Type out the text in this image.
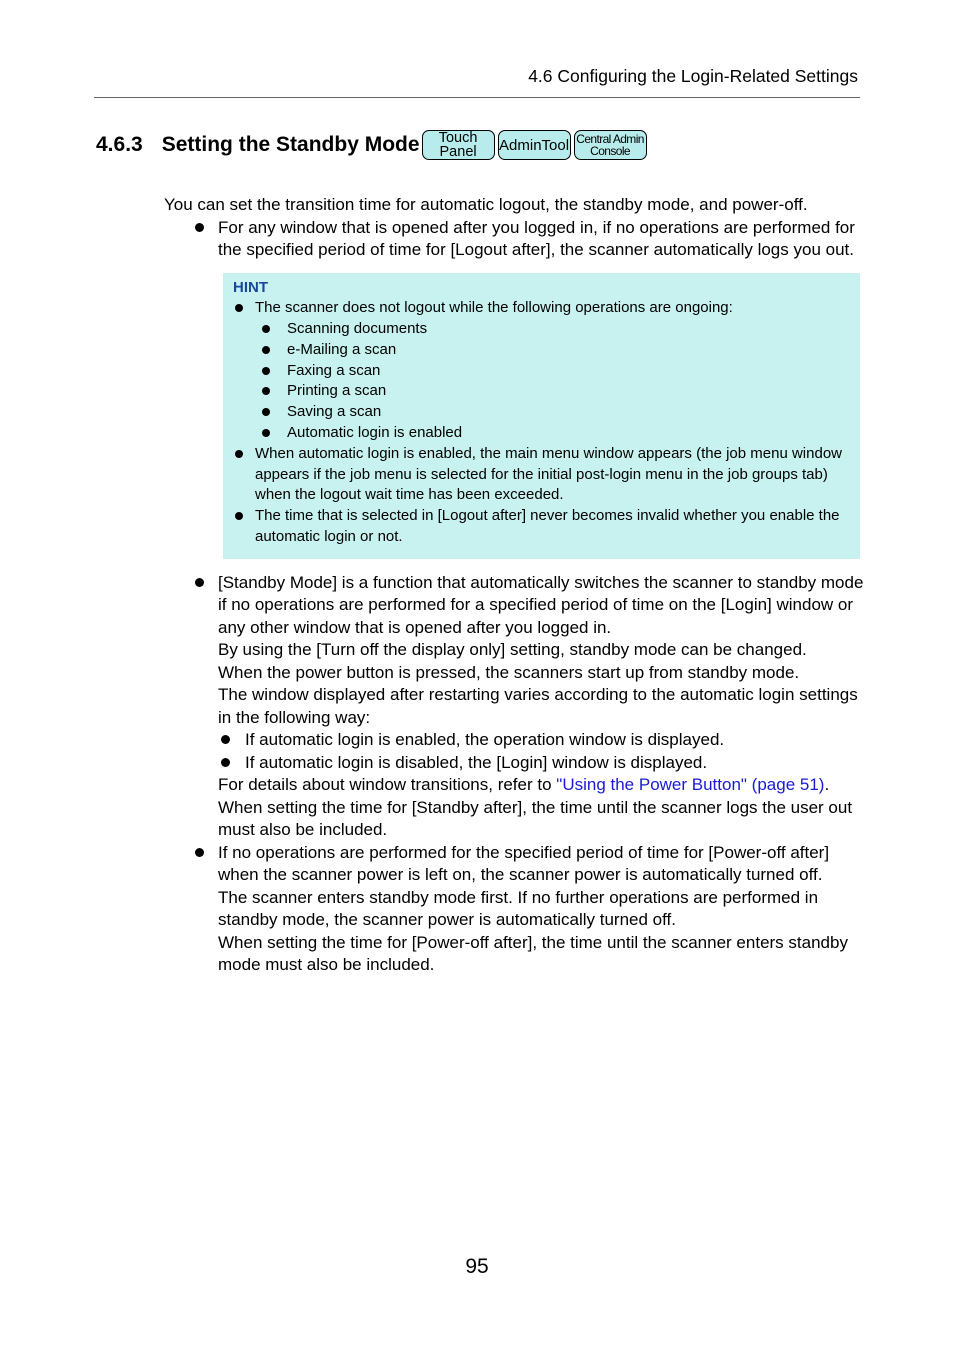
4.6 Configuring the Login-Related Settings
4.6.3 Setting the Standby Mode Touch
Panel AdminTool Central Admin
Console

You can set the transition time for automatic logout, the standby mode, and power-off.

For any window that is opened after you logged in, if no operations are performed for the specified period of time for [Logout after], the scanner automatically logs you out.
HINT
The scanner does not logout while the following operations are ongoing:
Scanning documents
e-Mailing a scan
Faxing a scan
Printing a scan
Saving a scan
Automatic login is enabled
When automatic login is enabled, the main menu window appears (the job menu window appears if the job menu is selected for the initial post-login menu in the job groups tab) when the logout wait time has been exceeded.
The time that is selected in [Logout after] never becomes invalid whether you enable the automatic login or not.
[Standby Mode] is a function that automatically switches the scanner to standby mode if no operations are performed for a specified period of time on the [Login] window or any other window that is opened after you logged in.
By using the [Turn off the display only] setting, standby mode can be changed.
When the power button is pressed, the scanners start up from standby mode.
The window displayed after restarting varies according to the automatic login settings in the following way:
If automatic login is enabled, the operation window is displayed.
If automatic login is disabled, the [Login] window is displayed.
For details about window transitions, refer to "Using the Power Button" (page 51).
When setting the time for [Standby after], the time until the scanner logs the user out must also be included.
If no operations are performed for the specified period of time for [Power-off after] when the scanner power is left on, the scanner power is automatically turned off.
The scanner enters standby mode first. If no further operations are performed in standby mode, the scanner power is automatically turned off.
When setting the time for [Power-off after], the time until the scanner enters standby mode must also be included.
95
